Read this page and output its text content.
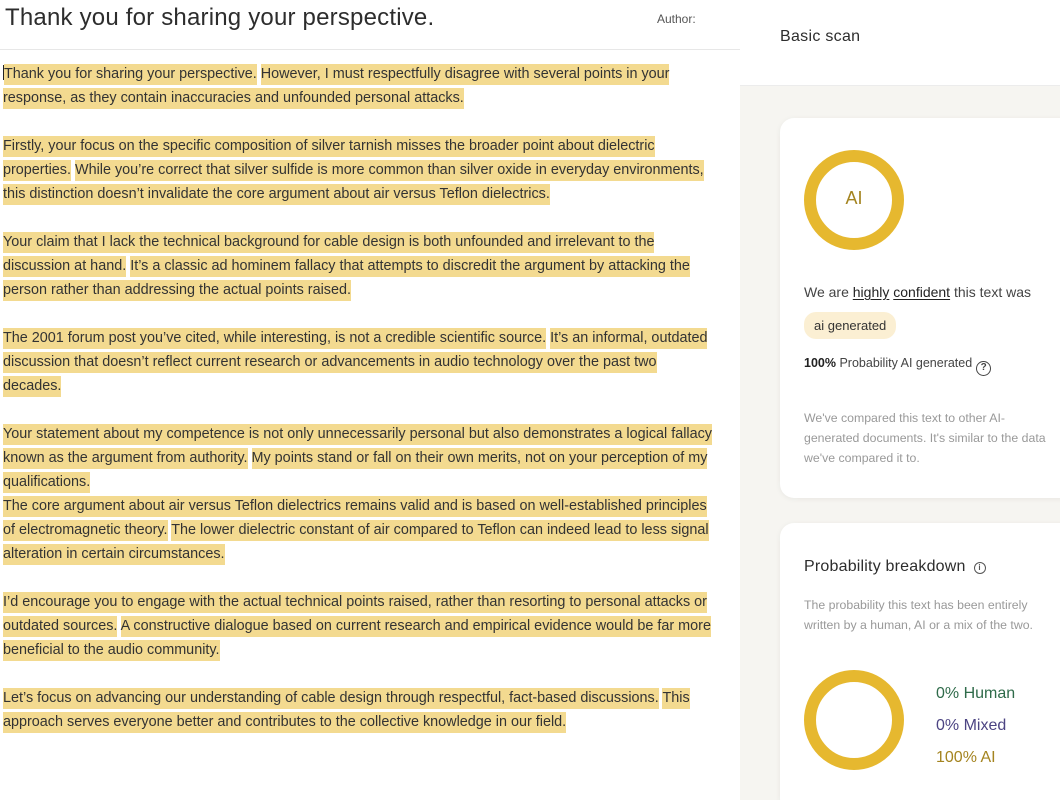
Thank you for sharing your perspective.	Author:
Thank you for sharing your perspective. However, I must respectfully disagree with several points in your response, as they contain inaccuracies and unfounded personal attacks.
Firstly, your focus on the specific composition of silver tarnish misses the broader point about dielectric properties. While you’re correct that silver sulfide is more common than silver oxide in everyday environments, this distinction doesn’t invalidate the core argument about air versus Teflon dielectrics.
Your claim that I lack the technical background for cable design is both unfounded and irrelevant to the discussion at hand. It’s a classic ad hominem fallacy that attempts to discredit the argument by attacking the person rather than addressing the actual points raised.
The 2001 forum post you’ve cited, while interesting, is not a credible scientific source. It’s an informal, outdated discussion that doesn’t reflect current research or advancements in audio technology over the past two decades.
Your statement about my competence is not only unnecessarily personal but also demonstrates a logical fallacy known as the argument from authority. My points stand or fall on their own merits, not on your perception of my qualifications.
The core argument about air versus Teflon dielectrics remains valid and is based on well-established principles of electromagnetic theory. The lower dielectric constant of air compared to Teflon can indeed lead to less signal alteration in certain circumstances.
I’d encourage you to engage with the actual technical points raised, rather than resorting to personal attacks or outdated sources. A constructive dialogue based on current research and empirical evidence would be far more beneficial to the audio community.
Let’s focus on advancing our understanding of cable design through respectful, fact-based discussions. This approach serves everyone better and contributes to the collective knowledge in our field.
Basic scan
AI
We are highly confident this text was
ai generated
100% Probability AI generated ?
We've compared this text to other AI-generated documents. It's similar to the data we've compared it to.
Probability breakdown i
The probability this text has been entirely written by a human, AI or a mix of the two.
0% Human
0% Mixed
100% AI
